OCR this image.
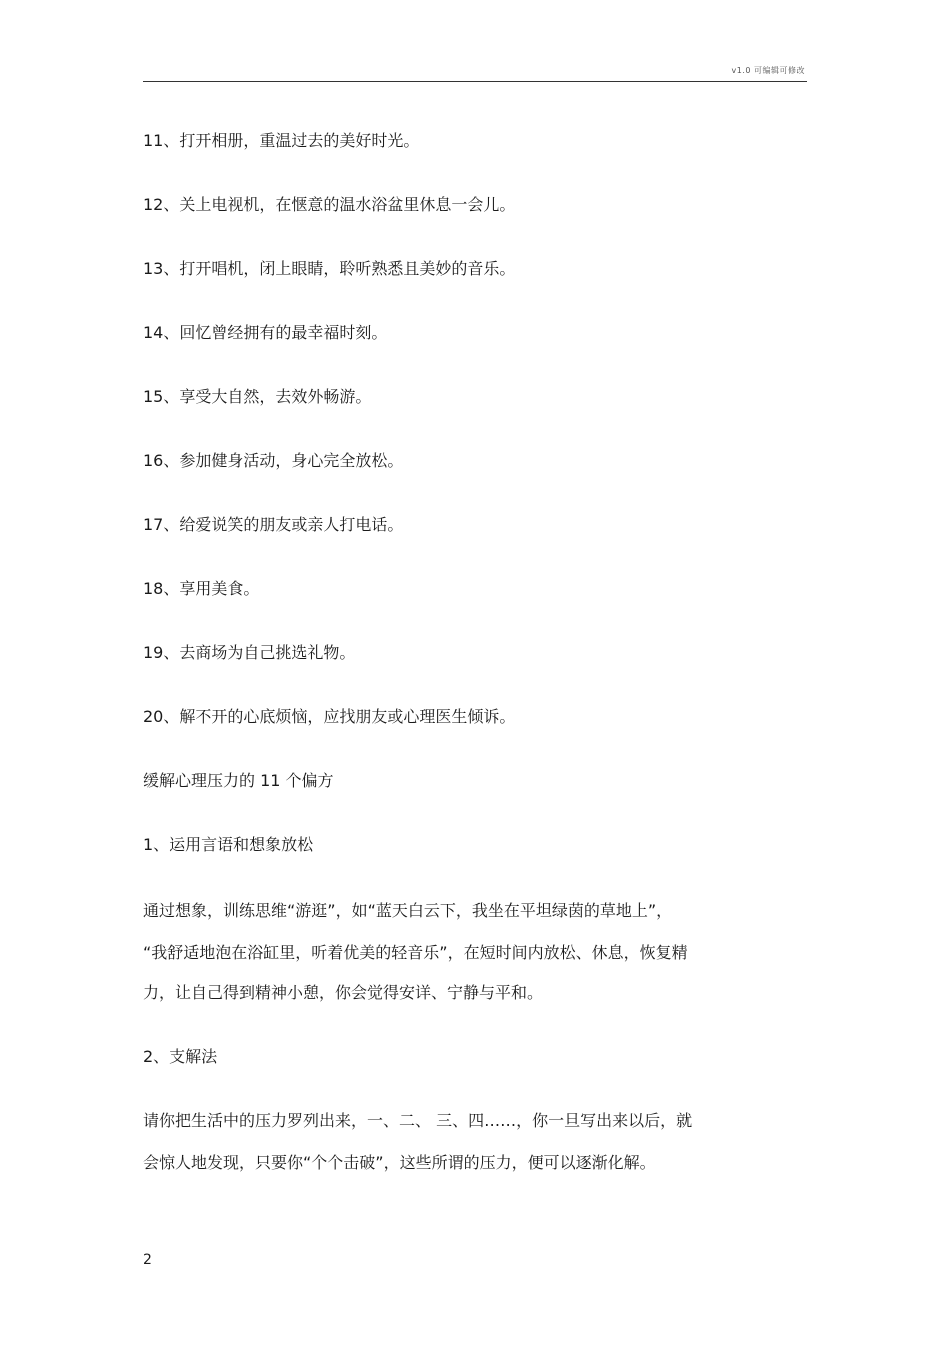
v1.0 可编辑可修改
11、打开相册，重温过去的美好时光。
12、关上电视机，在惬意的温水浴盆里休息一会儿。
13、打开唱机，闭上眼睛，聆听熟悉且美妙的音乐。
14、回忆曾经拥有的最幸福时刻。
15、享受大自然，去效外畅游。
16、参加健身活动，身心完全放松。
17、给爱说笑的朋友或亲人打电话。
18、享用美食。
19、去商场为自己挑选礼物。
20、解不开的心底烦恼，应找朋友或心理医生倾诉。
缓解心理压力的 11 个偏方
1、运用言语和想象放松
通过想象，训练思维“游逛”，如“蓝天白云下，我坐在平坦绿茵的草地上”，
“我舒适地泡在浴缸里，听着优美的轻音乐”，在短时间内放松、休息，恢复精
力，让自己得到精神小憩，你会觉得安详、宁静与平和。
2、支解法
请你把生活中的压力罗列出来，一、二、 三、四……，你一旦写出来以后，就
会惊人地发现，只要你“个个击破”，这些所谓的压力，便可以逐渐化解。
2
